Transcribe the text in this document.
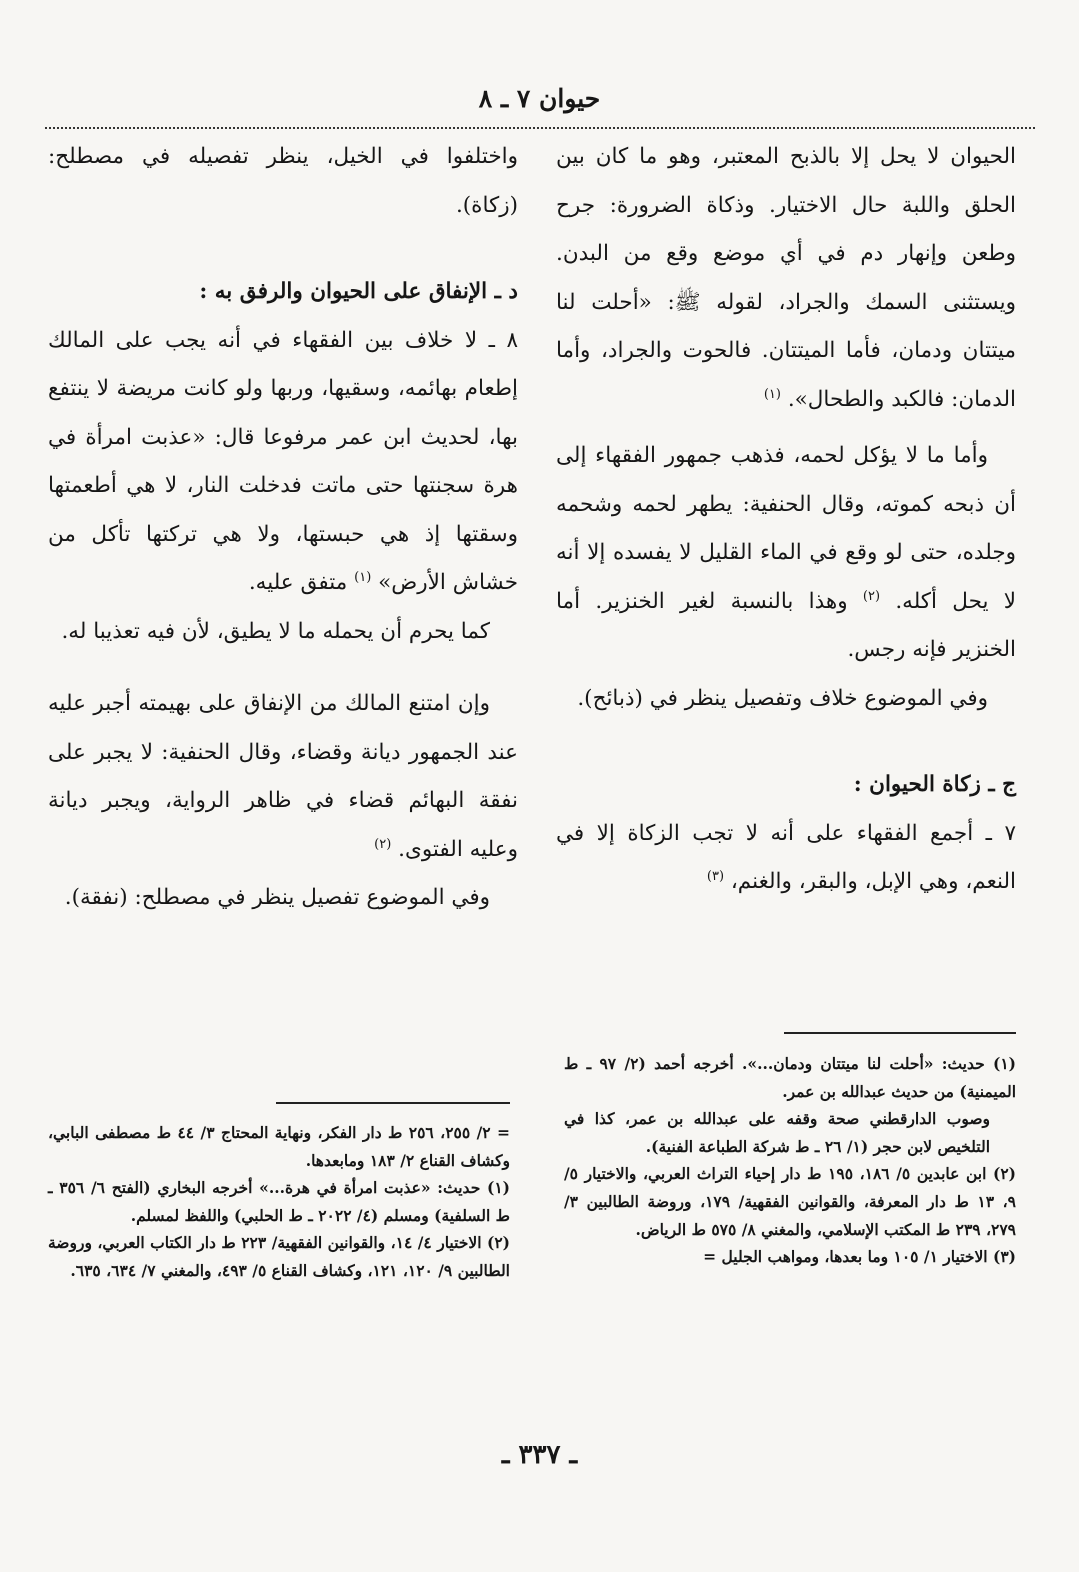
حيوان ٧ ـ ٨

الحيوان لا يحل إلا بالذبح المعتبر، وهو ما كان بين الحلق واللبة حال الاختيار. وذكاة الضرورة: جرح وطعن وإنهار دم في أي موضع وقع من البدن. ويستثنى السمك والجراد، لقوله ﷺ: «أحلت لنا ميتتان ودمان، فأما الميتتان. فالحوت والجراد، وأما الدمان: فالكبد والطحال». $^{(١)}$

وأما ما لا يؤكل لحمه، فذهب جمهور الفقهاء إلى أن ذبحه كموته، وقال الحنفية: يطهر لحمه وشحمه وجلده، حتى لو وقع في الماء القليل لا يفسده إلا أنه لا يحل أكله. $^{(٢)}$ وهذا بالنسبة لغير الخنزير. أما الخنزير فإنه رجس.

وفي الموضوع خلاف وتفصيل ينظر في (ذبائح).

ج ـ زكاة الحيوان :

٧ ـ أجمع الفقهاء على أنه لا تجب الزكاة إلا في النعم، وهي الإبل، والبقر، والغنم، $^{(٣)}$

واختلفوا في الخيل، ينظر تفصيله في مصطلح: (زكاة).

د ـ الإنفاق على الحيوان والرفق به :

٨ ـ لا خلاف بين الفقهاء في أنه يجب على المالك إطعام بهائمه، وسقيها، وربها ولو كانت مريضة لا ينتفع بها، لحديث ابن عمر مرفوعا قال: «عذبت امرأة في هرة سجنتها حتى ماتت فدخلت النار، لا هي أطعمتها وسقتها إذ هي حبستها، ولا هي تركتها تأكل من خشاش الأرض» $^{(١)}$ متفق عليه.

كما يحرم أن يحمله ما لا يطيق، لأن فيه تعذيبا له.

وإن امتنع المالك من الإنفاق على بهيمته أجبر عليه عند الجمهور ديانة وقضاء، وقال الحنفية: لا يجبر على نفقة البهائم قضاء في ظاهر الرواية، ويجبر ديانة وعليه الفتوى. $^{(٢)}$

وفي الموضوع تفصيل ينظر في مصطلح: (نفقة).

(١) حديث: «أحلت لنا ميتتان ودمان...». أخرجه أحمد (٢/ ٩٧ ـ ط الميمنية) من حديث عبدالله بن عمر.

وصوب الدارقطني صحة وقفه على عبدالله بن عمر، كذا في التلخيص لابن حجر (١/ ٢٦ ـ ط شركة الطباعة الفنية).

(٢) ابن عابدين ٥/ ١٨٦، ١٩٥ ط دار إحياء التراث العربي، والاختيار ٥/ ٩، ١٣ ط دار المعرفة، والقوانين الفقهية/ ١٧٩، وروضة الطالبين ٣/ ٢٧٩، ٢٣٩ ط المكتب الإسلامي، والمغني ٨/ ٥٧٥ ط الرياض.

(٣) الاختيار ١/ ١٠٥ وما بعدها، ومواهب الجليل =

= ٢/ ٢٥٥، ٢٥٦ ط دار الفكر، ونهاية المحتاج ٣/ ٤٤ ط مصطفى البابي، وكشاف القناع ٢/ ١٨٣ ومابعدها.

(١) حديث: «عذبت امرأة في هرة...» أخرجه البخاري (الفتح ٦/ ٣٥٦ ـ ط السلفية) ومسلم (٤/ ٢٠٢٢ ـ ط الحلبي) واللفظ لمسلم.

(٢) الاختيار ٤/ ١٤، والقوانين الفقهية/ ٢٢٣ ط دار الكتاب العربي، وروضة الطالبين ٩/ ١٢٠، ١٢١، وكشاف القناع ٥/ ٤٩٣، والمغني ٧/ ٦٣٤، ٦٣٥.

ـ ٣٣٧ ـ
